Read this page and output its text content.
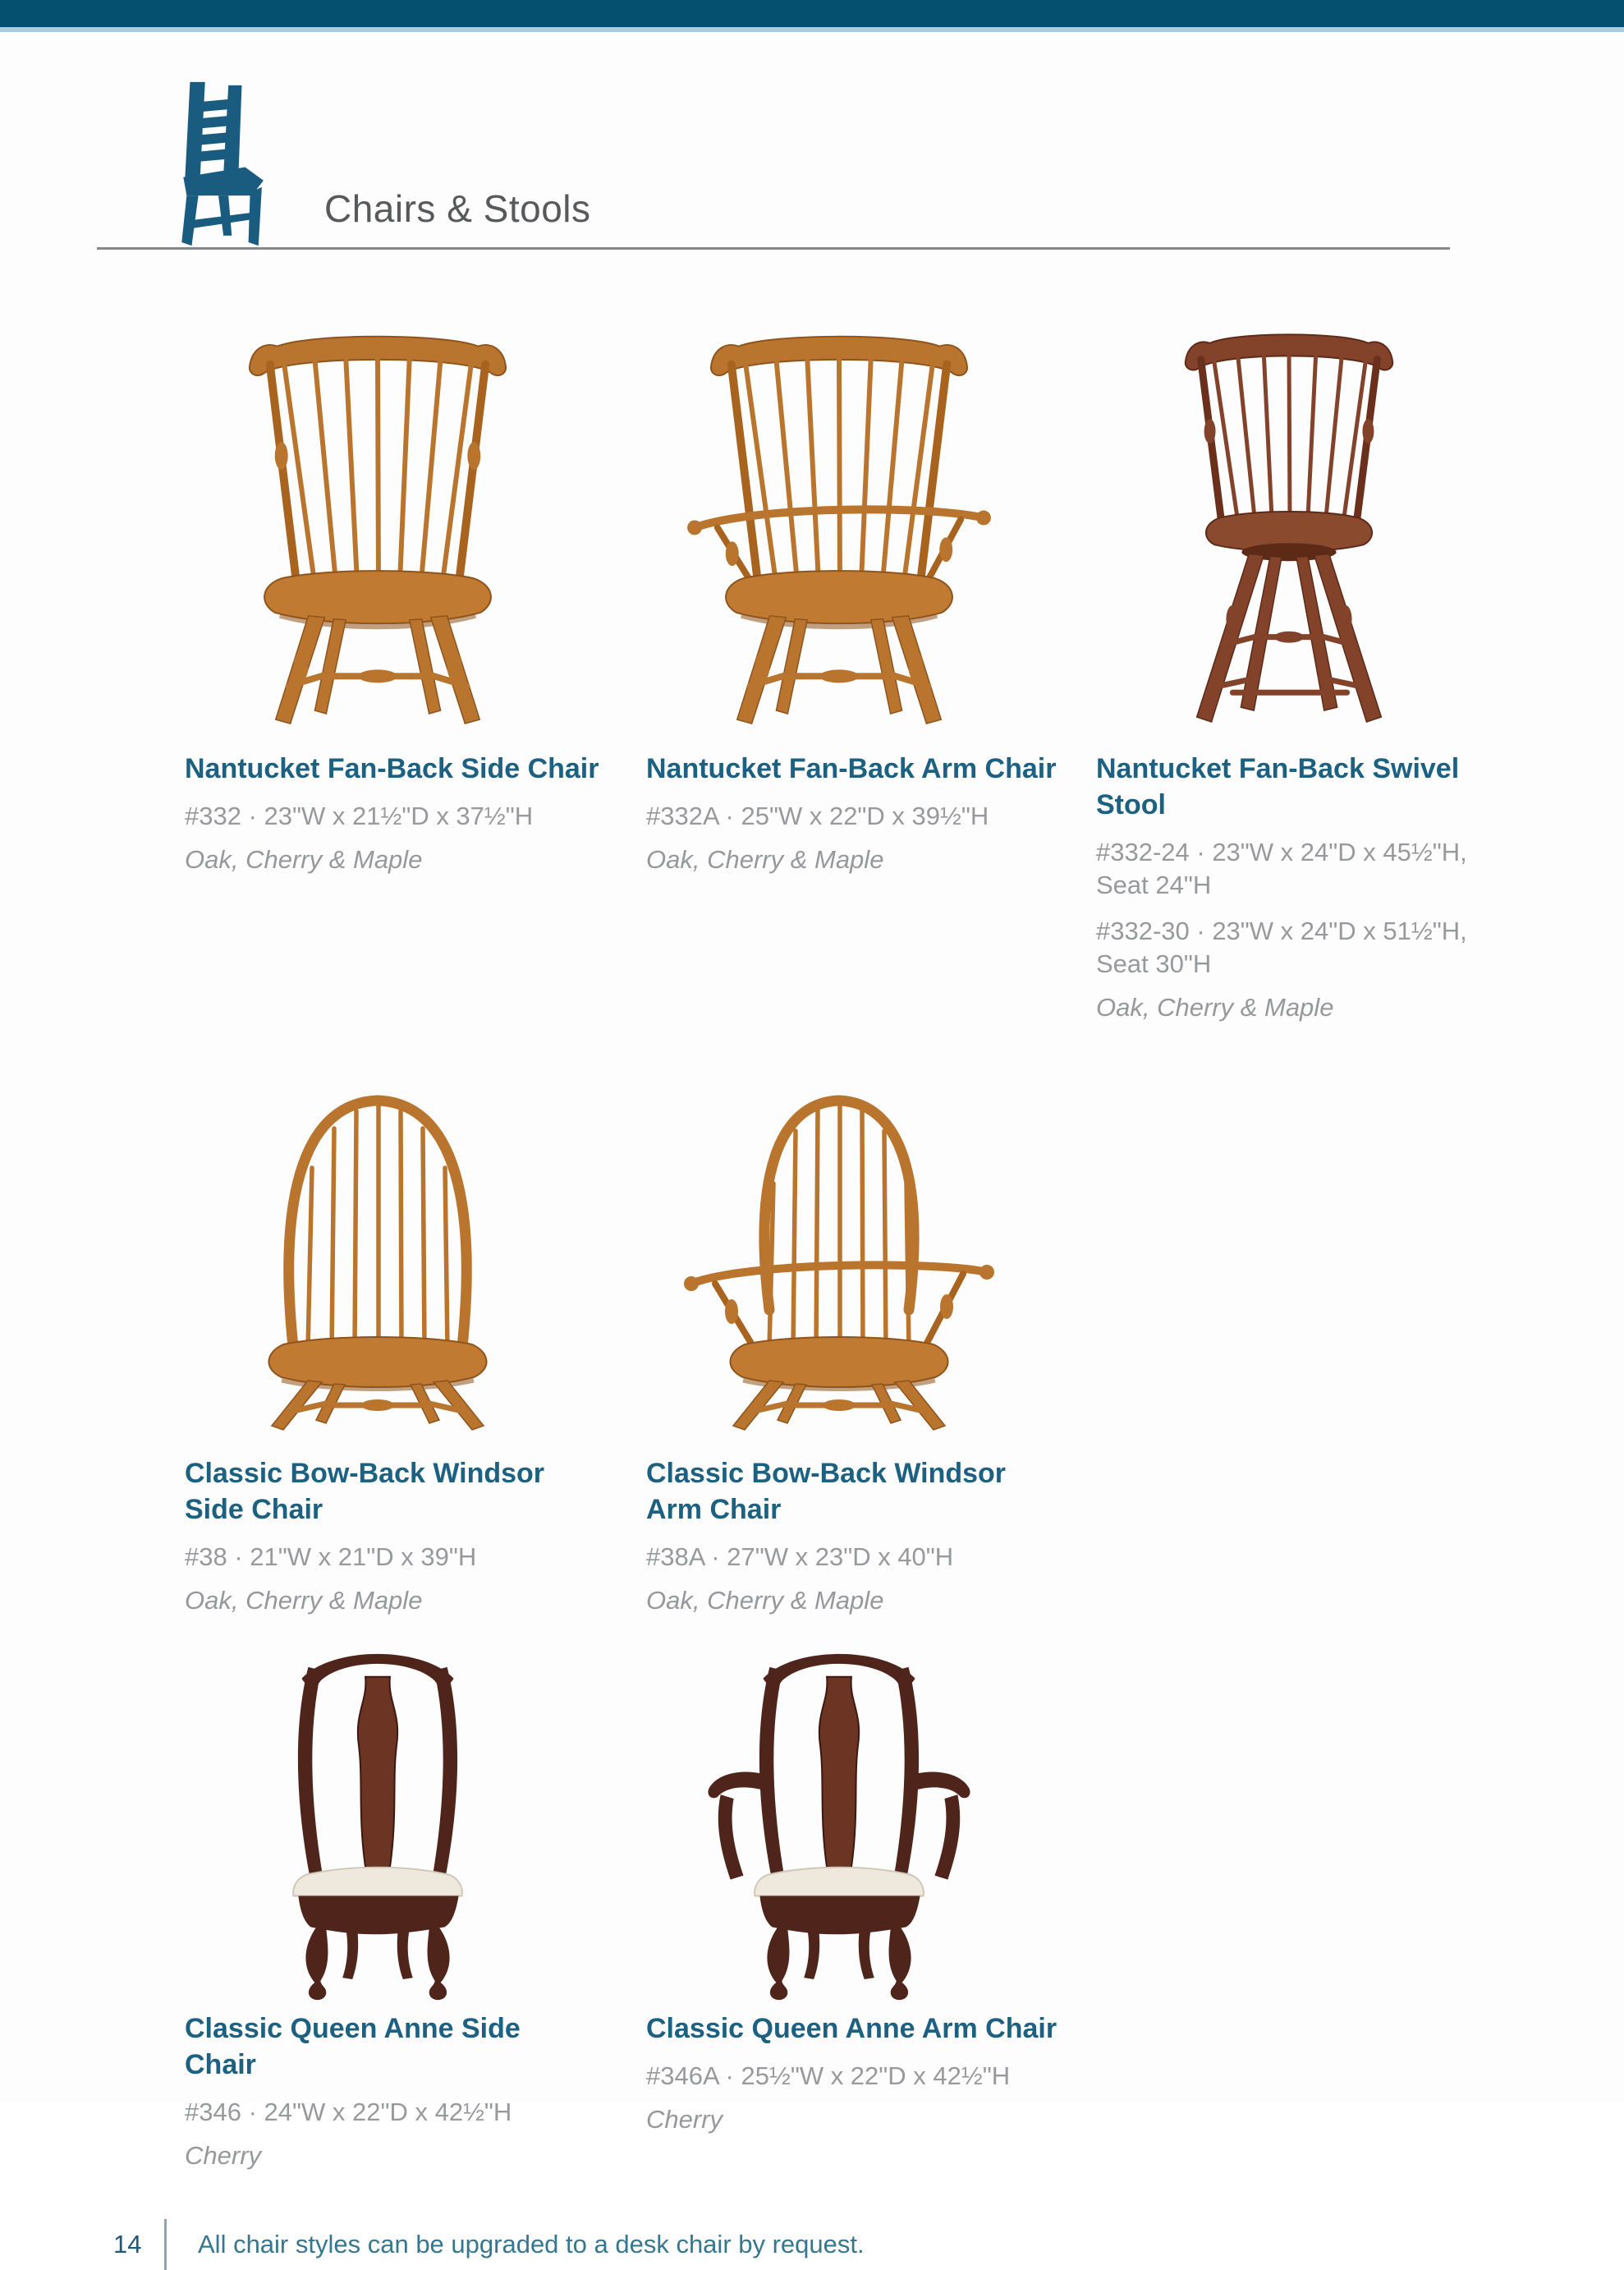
Chairs & Stools
Nantucket Fan-Back Side Chair

#332 · 23"W x 21½"D x 37½"H

Oak, Cherry & Maple

Nantucket Fan-Back Arm Chair

#332A · 25"W x 22"D x 39½"H

Oak, Cherry & Maple

Nantucket Fan-Back Swivel Stool

#332-24 · 23"W x 24"D x 45½"H, Seat 24"H

#332-30 · 23"W x 24"D x 51½"H, Seat 30"H

Oak, Cherry & Maple

Classic Bow-Back Windsor Side Chair

#38 · 21"W x 21"D x 39"H

Oak, Cherry & Maple

Classic Bow-Back Windsor Arm Chair

#38A · 27"W x 23"D x 40"H

Oak, Cherry & Maple

Classic Queen Anne Side Chair

#346 · 24"W x 22"D x 42½"H

Cherry

Classic Queen Anne Arm Chair

#346A · 25½"W x 22"D x 42½"H

Cherry

14	All chair styles can be upgraded to a desk chair by request.
